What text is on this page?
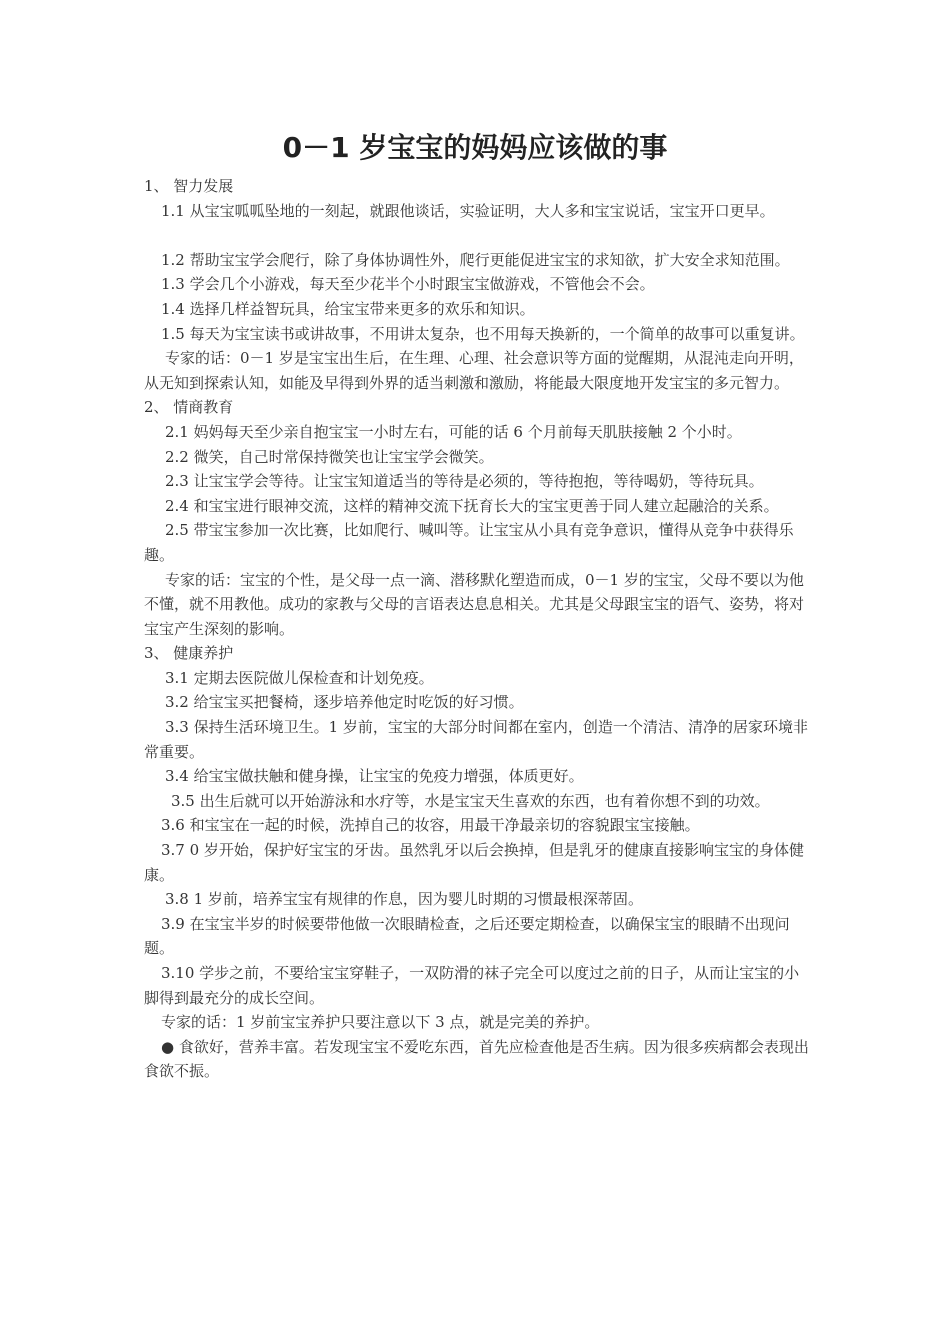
0－1 岁宝宝的妈妈应该做的事

1、 智力发展

1.1 从宝宝呱呱坠地的一刻起，就跟他谈话，实验证明，大人多和宝宝说话，宝宝开口更早。

1.2 帮助宝宝学会爬行，除了身体协调性外，爬行更能促进宝宝的求知欲，扩大安全求知范围。

1.3 学会几个小游戏，每天至少花半个小时跟宝宝做游戏，不管他会不会。

1.4 选择几样益智玩具，给宝宝带来更多的欢乐和知识。

1.5 每天为宝宝读书或讲故事，不用讲太复杂，也不用每天换新的，一个简单的故事可以重复讲。

专家的话：0－1 岁是宝宝出生后，在生理、心理、社会意识等方面的觉醒期，从混沌走向开明，从无知到探索认知，如能及早得到外界的适当刺激和激励，将能最大限度地开发宝宝的多元智力。

2、 情商教育

2.1 妈妈每天至少亲自抱宝宝一小时左右，可能的话 6 个月前每天肌肤接触 2 个小时。

2.2 微笑，自己时常保持微笑也让宝宝学会微笑。

2.3 让宝宝学会等待。让宝宝知道适当的等待是必须的，等待抱抱，等待喝奶，等待玩具。

2.4 和宝宝进行眼神交流，这样的精神交流下抚育长大的宝宝更善于同人建立起融洽的关系。

2.5 带宝宝参加一次比赛，比如爬行、喊叫等。让宝宝从小具有竞争意识，懂得从竞争中获得乐趣。

专家的话：宝宝的个性，是父母一点一滴、潜移默化塑造而成，0－1 岁的宝宝，父母不要以为他不懂，就不用教他。成功的家教与父母的言语表达息息相关。尤其是父母跟宝宝的语气、姿势，将对宝宝产生深刻的影响。

3、 健康养护

3.1 定期去医院做儿保检查和计划免疫。

3.2 给宝宝买把餐椅，逐步培养他定时吃饭的好习惯。

3.3 保持生活环境卫生。1 岁前，宝宝的大部分时间都在室内，创造一个清洁、清净的居家环境非常重要。

3.4 给宝宝做扶触和健身操，让宝宝的免疫力增强，体质更好。

3.5 出生后就可以开始游泳和水疗等，水是宝宝天生喜欢的东西，也有着你想不到的功效。

3.6 和宝宝在一起的时候，洗掉自己的妆容，用最干净最亲切的容貌跟宝宝接触。

3.7 0 岁开始，保护好宝宝的牙齿。虽然乳牙以后会换掉，但是乳牙的健康直接影响宝宝的身体健康。

3.8 1 岁前，培养宝宝有规律的作息，因为婴儿时期的习惯最根深蒂固。

3.9 在宝宝半岁的时候要带他做一次眼睛检查，之后还要定期检查，以确保宝宝的眼睛不出现问题。

3.10 学步之前，不要给宝宝穿鞋子，一双防滑的袜子完全可以度过之前的日子，从而让宝宝的小脚得到最充分的成长空间。

专家的话：1 岁前宝宝养护只要注意以下 3 点，就是完美的养护。

● 食欲好，营养丰富。若发现宝宝不爱吃东西，首先应检查他是否生病。因为很多疾病都会表现出食欲不振。
